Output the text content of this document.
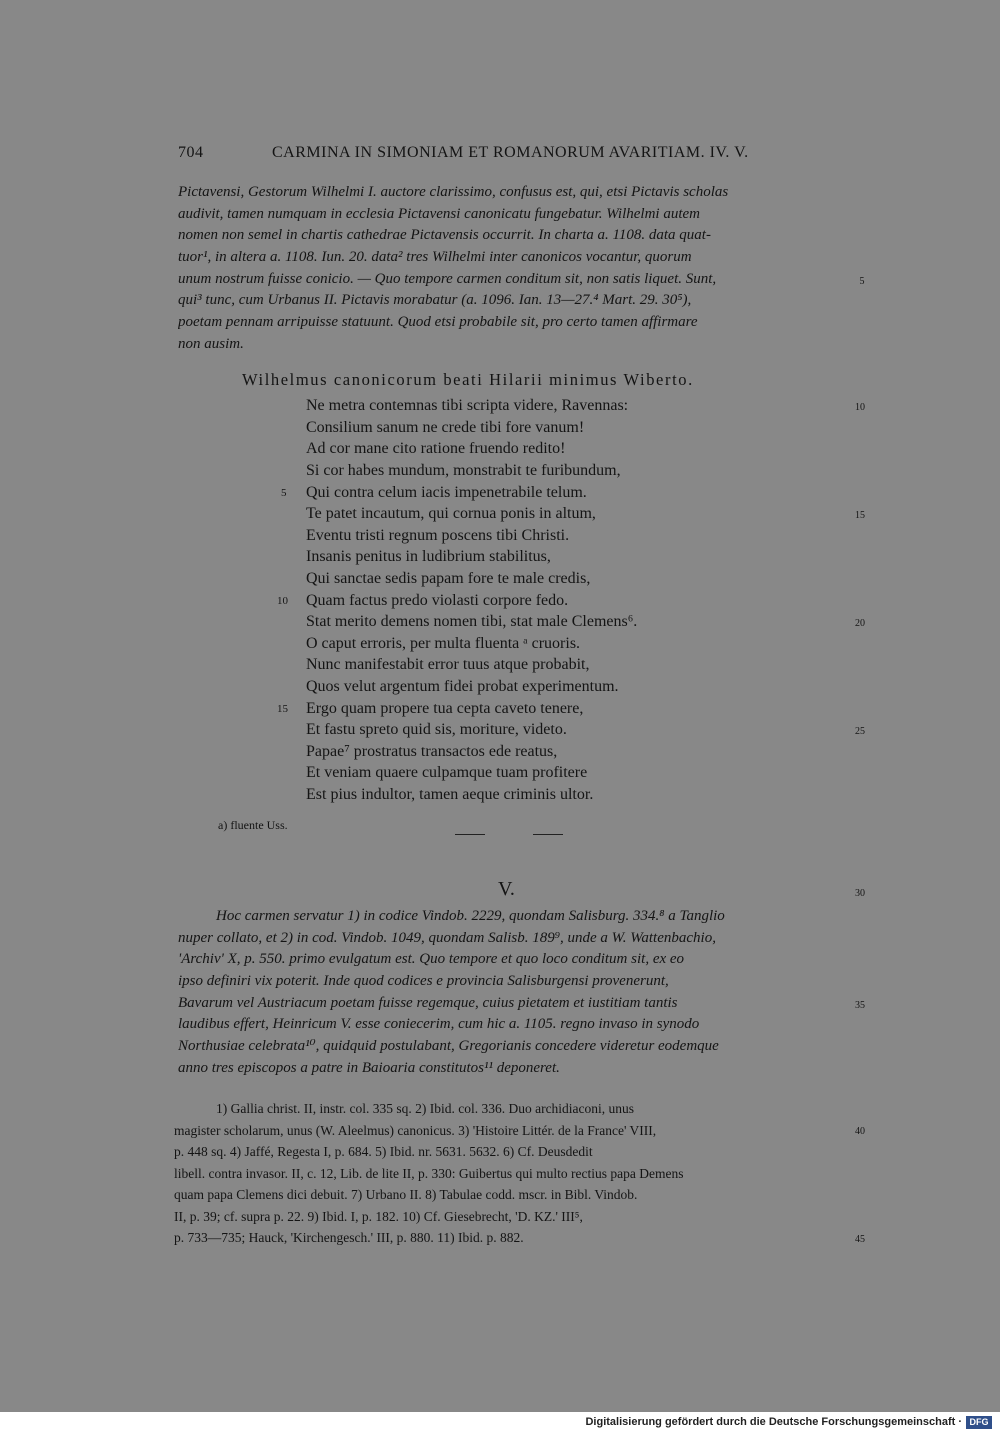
704	CARMINA IN SIMONIAM ET ROMANORUM AVARITIAM. IV. V.
Pictavensi, Gestorum Wilhelmi I. auctore clarissimo, confusus est, qui, etsi Pictavis scholas
audivit, tamen numquam in ecclesia Pictavensi canonicatu fungebatur. Wilhelmi autem
nomen non semel in chartis cathedrae Pictavensis occurrit. In charta a. 1108. data quat-
tuor¹, in altera a. 1108. Iun. 20. data² tres Wilhelmi inter canonicos vocantur, quorum
unum nostrum fuisse conicio. — Quo tempore carmen conditum sit, non satis liquet. Sunt,
qui³ tunc, cum Urbanus II. Pictavis morabatur (a. 1096. Ian. 13—27.⁴ Mart. 29. 30⁵),
poetam pennam arripuisse statuunt. Quod etsi probabile sit, pro certo tamen affirmare
non ausim.
5
Wilhelmus canonicorum beati Hilarii minimus Wiberto.
Ne metra contemnas tibi scripta videre, Ravennas:
Consilium sanum ne crede tibi fore vanum!
Ad cor mane cito ratione fruendo redito!
Si cor habes mundum, monstrabit te furibundum,
Qui contra celum iacis impenetrabile telum.
Te patet incautum, qui cornua ponis in altum,
Eventu tristi regnum poscens tibi Christi.
Insanis penitus in ludibrium stabilitus,
Qui sanctae sedis papam fore te male credis,
Quam factus predo violasti corpore fedo.
Stat merito demens nomen tibi, stat male Clemens⁶.
O caput erroris, per multa fluenta ᵃ cruoris.
Nunc manifestabit error tuus atque probabit,
Quos velut argentum fidei probat experimentum.
Ergo quam propere tua cepta caveto tenere,
Et fastu spreto quid sis, moriture, videto.
Papae⁷ prostratus transactos ede reatus,
Et veniam quaere culpamque tuam profitere
Est pius indultor, tamen aeque criminis ultor.
5
10
15
10
15
20
25
a) fluente Uss.
V.	30
Hoc carmen servatur 1) in codice Vindob. 2229, quondam Salisburg. 334.⁸ a Tanglio
nuper collato, et 2) in cod. Vindob. 1049, quondam Salisb. 189⁹, unde a W. Wattenbachio,
'Archiv' X, p. 550. primo evulgatum est. Quo tempore et quo loco conditum sit, ex eo
ipso definiri vix poterit. Inde quod codices e provincia Salisburgensi provenerunt,
Bavarum vel Austriacum poetam fuisse regemque, cuius pietatem et iustitiam tantis
laudibus effert, Heinricum V. esse coniecerim, cum hic a. 1105. regno invaso in synodo
Northusiae celebrata¹⁰, quidquid postulabant, Gregorianis concedere videretur eodemque
anno tres episcopos a patre in Baioaria constitutos¹¹ deponeret.
35
1) Gallia christ. II, instr. col. 335 sq. 2) Ibid. col. 336. Duo archidiaconi, unus
magister scholarum, unus (W. Aleelmus) canonicus. 3) 'Histoire Littér. de la France' VIII,
p. 448 sq. 4) Jaffé, Regesta I, p. 684. 5) Ibid. nr. 5631. 5632. 6) Cf. Deusdedit
libell. contra invasor. II, c. 12, Lib. de lite II, p. 330: Guibertus qui multo rectius papa Demens
quam papa Clemens dici debuit. 7) Urbano II. 8) Tabulae codd. mscr. in Bibl. Vindob.
II, p. 39; cf. supra p. 22. 9) Ibid. I, p. 182. 10) Cf. Giesebrecht, 'D. KZ.' III⁵,
p. 733—735; Hauck, 'Kirchengesch.' III, p. 880. 11) Ibid. p. 882.
40
45
Digitalisierung gefördert durch die Deutsche Forschungsgemeinschaft · DFG
